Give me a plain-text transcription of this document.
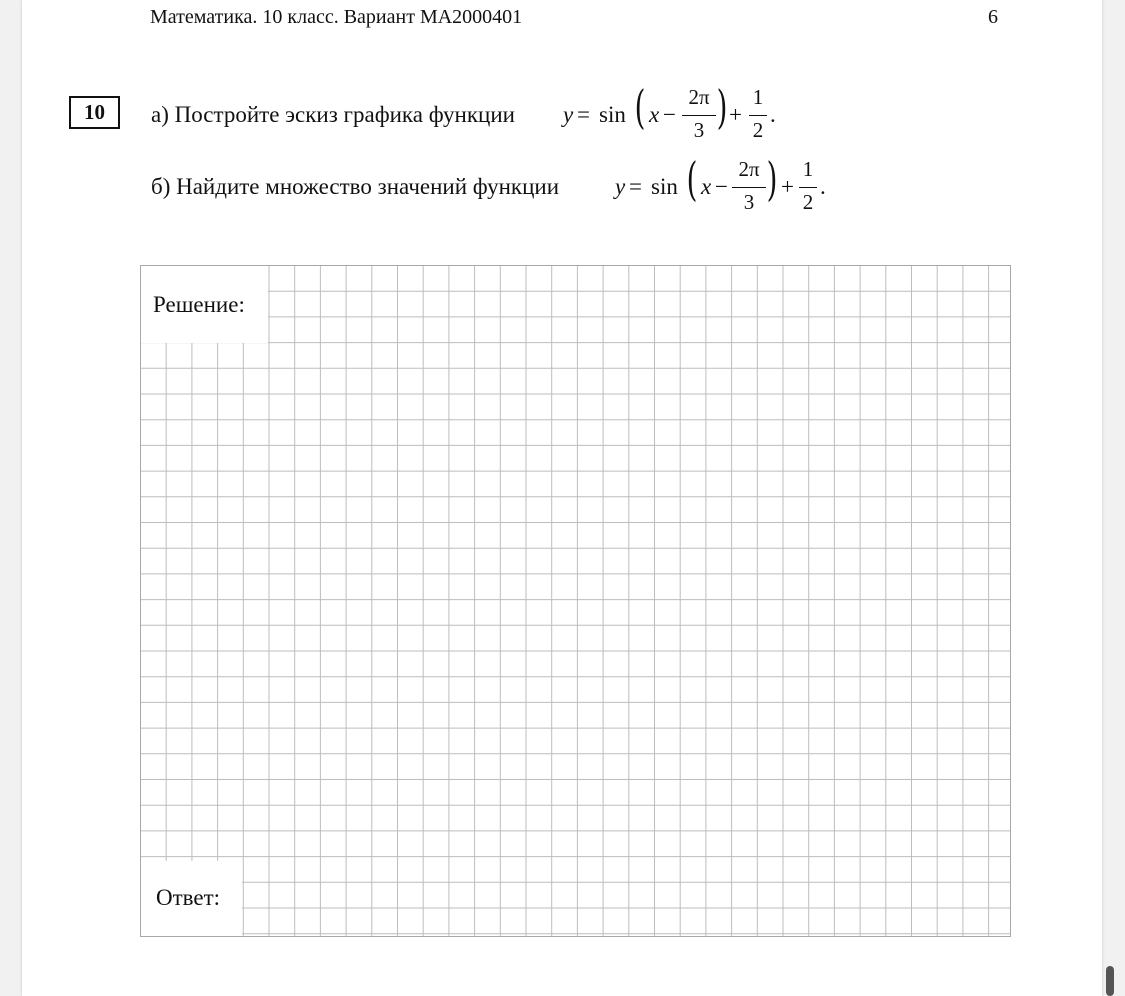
Математика. 10 класс. Вариант МА2000401	6
10	а) Постройте эскиз графика функции
б) Найдите множество значений функции
y = sin ( x −
2π
3 ) +
1
2
.
y = sin ( x −
2π
3 ) +
1
2
.
Решение:
Ответ:
